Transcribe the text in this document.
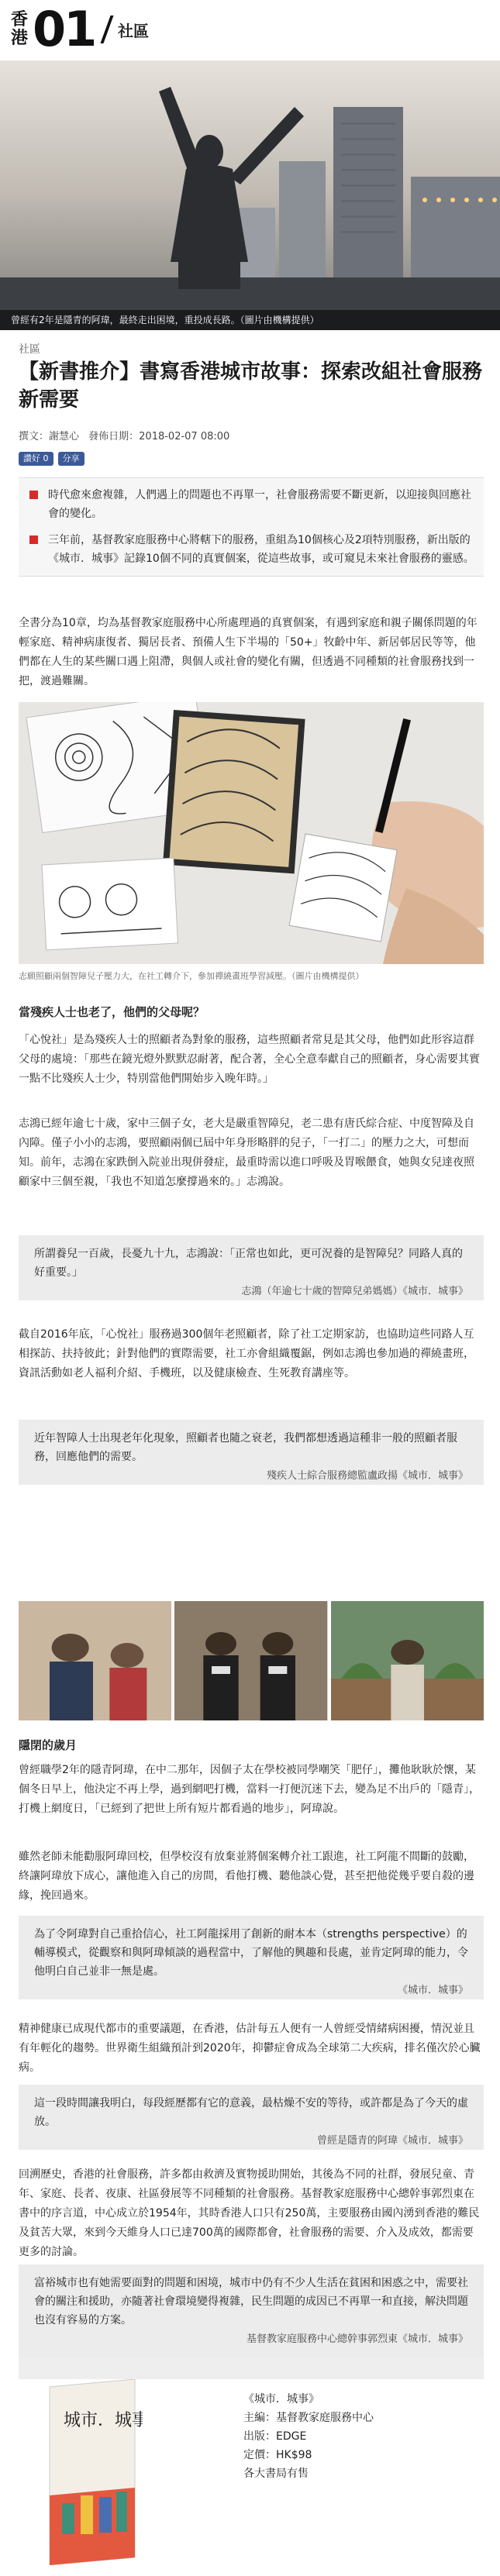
香港 01 社區
曾經有2年是隱青的阿瑋，最終走出困境，重投成長路。（圖片由機構提供）
社區
【新書推介】書寫香港城市故事：探索改組社會服務新需要
撰文：謝慧心 發佈日期：2018-02-07 08:00
讚好 0	分享
時代愈來愈複雜，人們遇上的問題也不再單一，社會服務需要不斷更新，以迎接與回應社會的變化。
三年前，基督教家庭服務中心將轄下的服務，重組為10個核心及2項特別服務，新出版的《城市．城事》記錄10個不同的真實個案，從這些故事，或可窺見未來社會服務的靈感。

全書分為10章，均為基督教家庭服務中心所處理過的真實個案，有遇到家庭和親子關係問題的年輕家庭、精神病康復者、獨居長者、預備人生下半場的「50+」牧齡中年、新居邨居民等等，他們都在人生的某些關口遇上阻滯，與個人或社會的變化有關，但透過不同種類的社會服務找到一把，渡過難關。

志願照顧兩個智障兒子壓力大，在社工轉介下，參加禪繞畫班學習減壓。（圖片由機構提供）

當殘疾人士也老了，他們的父母呢？

「心悅社」是為殘疾人士的照顧者為對象的服務，這些照顧者常見是其父母，他們如此形容這群父母的處境：「那些在鏡光燈外默默忍耐著，配合著，全心全意奉獻自己的照顧者，身心需要其實一點不比殘疾人士少，特別當他們開始步入晚年時。」

志鴻已經年逾七十歲，家中三個子女，老大是嚴重智障兒，老二患有唐氏綜合症、中度智障及自內障。僅子小小的志鴻，要照顧兩個已屆中年身形略胖的兒子，「一打二」的壓力之大，可想而知。前年，志鴻在家跌倒入院並出現併發症，最重時需以進口呼吸及胃喉餵食，她與女兒達夜照顧家中三個至親，「我也不知道怎麼撐過來的。」志鴻說。

所謂養兒一百歲，長憂九十九，志鴻說：「正常也如此，更可況養的是智障兒？同路人真的好重要。」
志鴻（年逾七十歲的智障兒弟媽媽）《城市．城事》

截自2016年底，「心悅社」服務過300個年老照顧者，除了社工定期家訪，也協助這些同路人互相探訪、扶持彼此；針對他們的實際需要，社工亦會組織覆鋸，例如志鴻也參加過的禪繞畫班，資訊活動如老人福利介紹、手機班，以及健康檢查、生死教育講座等。

近年智障人士出現老年化現象，照顧者也隨之衰老，我們都想透過這種非一般的照顧者服務，回應他們的需要。
殘疾人士綜合服務總監盧政揚《城市．城事》

隱閉的歲月

曾經職學2年的隱青阿瑋，在中二那年，因個子太在學校被同學嘲笑「肥仔」，攤他耿耿於懷，某個冬日早上，他決定不再上學，過到網吧打機，當料一打便沉迷下去，變為足不出戶的「隱青」，打機上網度日，「已經到了把世上所有短片都看過的地步」，阿瑋說。

雖然老師未能勸服阿瑋回校，但學校沒有放棄並將個案轉介社工跟進，社工阿龍不間斷的鼓勵，終讓阿瑋放下成心，讓他進入自己的房間，看他打機、聽他談心覺，甚至把他從幾乎要自殺的邊緣，挽回過來。

為了令阿瑋對自己重拾信心，社工阿龍採用了創新的耐本本（strengths perspective）的輔導模式，從觀察和與阿瑋傾談的過程當中，了解他的興趣和長處，並肯定阿瑋的能力，令他明白自己並非一無是處。
《城市．城事》

精神健康已成現代都市的重要議題，在香港，估計每五人便有一人曾經受情緒病困擾，情況並且有年輕化的趨勢。世界衛生組織預計到2020年，抑鬱症會成為全球第二大疾病，排名僅次於心臟病。

這一段時間讓我明白，每段經歷都有它的意義，最枯燥不安的等待，或許都是為了今天的虛放。
曾經是隱青的阿瑋《城市．城事》

回溯歷史，香港的社會服務，許多都由救濟及實物援助開始，其後為不同的社群，發展兒童、青年、家庭、長者、夜康、社區發展等不同種類的社會服務。基督教家庭服務中心總幹事郭烈東在書中的序言道，中心成立於1954年，其時香港人口只有250萬，主要服務由國內湧到香港的難民及貧苦大眾，來到今天維身人口已達700萬的國際都會，社會服務的需要、介入及成效，都需要更多的討論。

富裕城市也有她需要面對的問題和困境，城市中仍有不少人生活在貧困和困惑之中，需要社會的關注和援助，亦隨著社會環境變得複雜，民生問題的成因已不再單一和直接，解決問題也沒有容易的方案。
基督教家庭服務中心總幹事郭烈東《城市．城事》
城市．城事
《城市．城事》
主編：基督教家庭服務中心
出版：EDGE
定價：HK$98
各大書局有售
